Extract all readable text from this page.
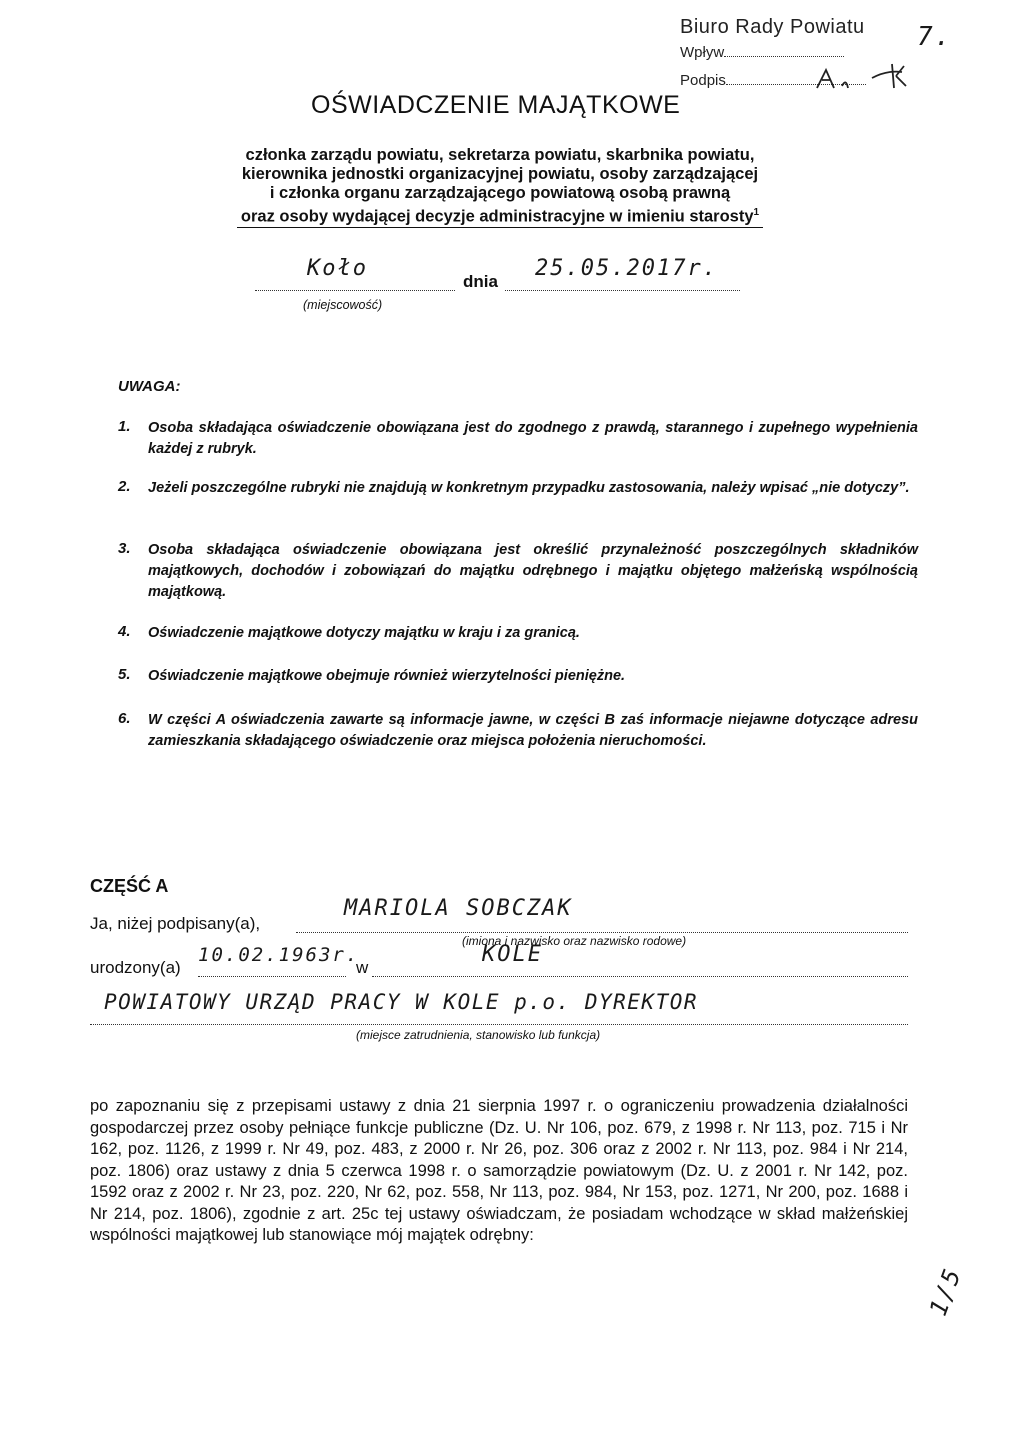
Biuro Rady Powiatu
Wpływ
Podpis
7.
OŚWIADCZENIE MAJĄTKOWE
członka zarządu powiatu, sekretarza powiatu, skarbnika powiatu,
kierownika jednostki organizacyjnej powiatu, osoby zarządzającej
i członka organu zarządzającego powiatową osobą prawną
oraz osoby wydającej decyzje administracyjne w imieniu starosty$^1$
Koło
(miejscowość)
dnia
25.05.2017r.
UWAGA:
1. Osoba składająca oświadczenie obowiązana jest do zgodnego z prawdą, starannego i zupełnego wypełnienia każdej z rubryk.
2. Jeżeli poszczególne rubryki nie znajdują w konkretnym przypadku zastosowania, należy wpisać „nie dotyczy”.
3. Osoba składająca oświadczenie obowiązana jest określić przynależność poszczególnych składników majątkowych, dochodów i zobowiązań do majątku odrębnego i majątku objętego małżeńską wspólnością majątkową.
4. Oświadczenie majątkowe dotyczy majątku w kraju i za granicą.
5. Oświadczenie majątkowe obejmuje również wierzytelności pieniężne.
6. W części A oświadczenia zawarte są informacje jawne, w części B zaś informacje niejawne dotyczące adresu zamieszkania składającego oświadczenie oraz miejsca położenia nieruchomości.
CZĘŚĆ A
Ja, niżej podpisany(a),
MARIOLA SOBCZAK
(imiona i nazwisko oraz nazwisko rodowe)
urodzony(a)
10.02.1963r.
w
KOLE
POWIATOWY URZĄD PRACY W KOLE p.o. DYREKTOR
(miejsce zatrudnienia, stanowisko lub funkcja)
po zapoznaniu się z przepisami ustawy z dnia 21 sierpnia 1997 r. o ograniczeniu prowadzenia działalności gospodarczej przez osoby pełniące funkcje publiczne (Dz. U. Nr 106, poz. 679, z 1998 r. Nr 113, poz. 715 i Nr 162, poz. 1126, z 1999 r. Nr 49, poz. 483, z 2000 r. Nr 26, poz. 306 oraz z 2002 r. Nr 113, poz. 984 i Nr 214, poz. 1806) oraz ustawy z dnia 5 czerwca 1998 r. o samorządzie powiatowym (Dz. U. z 2001 r. Nr 142, poz. 1592 oraz z 2002 r. Nr 23, poz. 220, Nr 62, poz. 558, Nr 113, poz. 984, Nr 153, poz. 1271, Nr 200, poz. 1688 i Nr 214, poz. 1806), zgodnie z art. 25c tej ustawy oświadczam, że posiadam wchodzące w skład małżeńskiej wspólności majątkowej lub stanowiące mój majątek odrębny:
1/5
